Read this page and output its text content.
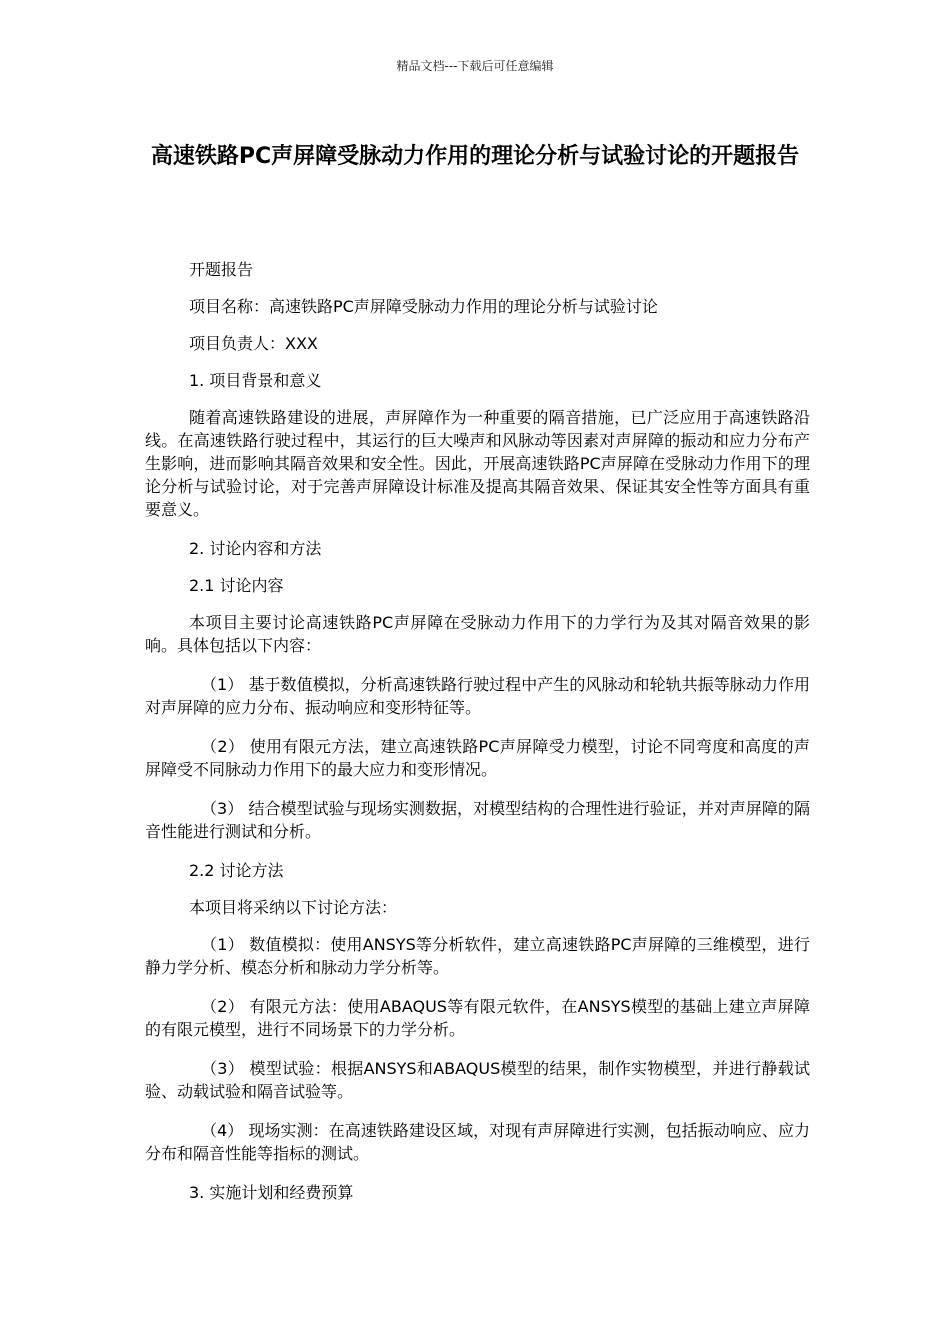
精品文档---下载后可任意编辑
高速铁路PC声屏障受脉动力作用的理论分析与试验讨论的开题报告

开题报告

项目名称：高速铁路PC声屏障受脉动力作用的理论分析与试验讨论

项目负责人：XXX

1. 项目背景和意义

随着高速铁路建设的进展，声屏障作为一种重要的隔音措施，已广泛应用于高速铁路沿线。在高速铁路行驶过程中，其运行的巨大噪声和风脉动等因素对声屏障的振动和应力分布产生影响，进而影响其隔音效果和安全性。因此，开展高速铁路PC声屏障在受脉动力作用下的理论分析与试验讨论，对于完善声屏障设计标准及提高其隔音效果、保证其安全性等方面具有重要意义。

2. 讨论内容和方法

2.1 讨论内容

本项目主要讨论高速铁路PC声屏障在受脉动力作用下的力学行为及其对隔音效果的影响。具体包括以下内容：

（1） 基于数值模拟，分析高速铁路行驶过程中产生的风脉动和轮轨共振等脉动力作用对声屏障的应力分布、振动响应和变形特征等。

（2） 使用有限元方法，建立高速铁路PC声屏障受力模型，讨论不同弯度和高度的声屏障受不同脉动力作用下的最大应力和变形情况。

（3） 结合模型试验与现场实测数据，对模型结构的合理性进行验证，并对声屏障的隔音性能进行测试和分析。

2.2 讨论方法

本项目将采纳以下讨论方法：

（1） 数值模拟：使用ANSYS等分析软件，建立高速铁路PC声屏障的三维模型，进行静力学分析、模态分析和脉动力学分析等。

（2） 有限元方法：使用ABAQUS等有限元软件，在ANSYS模型的基础上建立声屏障的有限元模型，进行不同场景下的力学分析。

（3） 模型试验：根据ANSYS和ABAQUS模型的结果，制作实物模型，并进行静载试验、动载试验和隔音试验等。

（4） 现场实测：在高速铁路建设区域，对现有声屏障进行实测，包括振动响应、应力分布和隔音性能等指标的测试。

3. 实施计划和经费预算
